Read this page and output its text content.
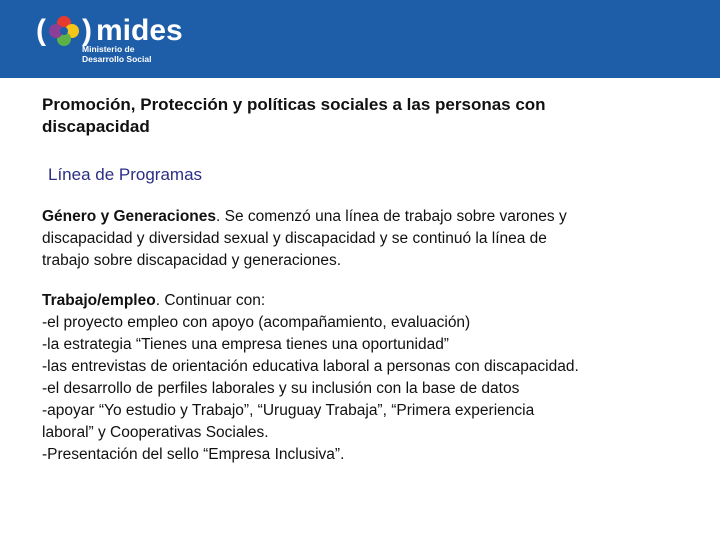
( ) mides
Ministerio de
Desarrollo Social
Promoción, Protección y políticas sociales a las personas con
discapacidad
Línea de Programas

Género y Generaciones. Se comenzó una línea de trabajo sobre varones y
discapacidad y diversidad sexual y discapacidad y se continuó la línea de
trabajo sobre discapacidad y generaciones.

Trabajo/empleo. Continuar con:
-el proyecto empleo con apoyo (acompañamiento, evaluación)
-la estrategia “Tienes una empresa tienes una oportunidad”
-las entrevistas de orientación educativa laboral a personas con discapacidad.
-el desarrollo de perfiles laborales y su inclusión con la base de datos
-apoyar “Yo estudio y Trabajo”, “Uruguay Trabaja”, “Primera experiencia
laboral” y Cooperativas Sociales.
-Presentación del sello “Empresa Inclusiva”.
